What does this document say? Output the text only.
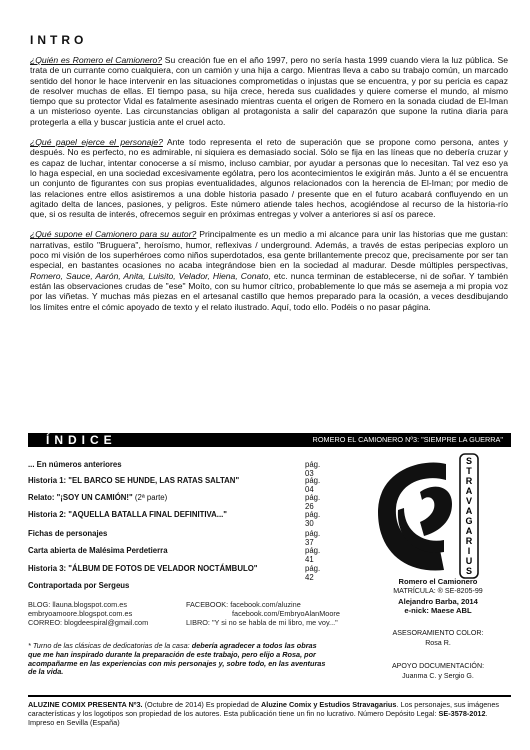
INTRO

¿Quién es Romero el Camionero? Su creación fue en el año 1997, pero no sería hasta 1999 cuando viera la luz pública. Se trata de un currante como cualquiera, con un camión y una hija a cargo. Mientras lleva a cabo su trabajo común, un marcado sentido del honor le hace intervenir en las situaciones comprometidas o injustas que se encuentra, y por su pericia es capaz de resolver muchas de ellas. El tiempo pasa, su hija crece, hereda sus cualidades y quiere comerse el mundo, al mismo tiempo que su protector Vidal es fatalmente asesinado mientras cuenta el origen de Romero en la sonada ciudad de El-Iman a un misterioso oyente. Las circunstancias obligan al protagonista a salir del caparazón que supone la rutina diaria para protegerla a ella y buscar justicia ante el cruel acto.

¿Qué papel ejerce el personaje? Ante todo representa el reto de superación que se propone como persona, antes y después. No es perfecto, no es admirable, ni siquiera es demasiado social. Sólo se fija en las líneas que no debería cruzar y es capaz de luchar, intentar conocerse a sí mismo, incluso cambiar, por ayudar a personas que lo necesitan. Tal vez eso ya lo haga especial, en una sociedad excesivamente ególatra, pero los acontecimientos le exigirán más. Junto a él se encuentra un conjunto de figurantes con sus propias eventualidades, algunos relacionados con la herencia de El-Iman; por medio de las relaciones entre ellos asistiremos a una doble historia pasado / presente que en el futuro acabará confluyendo en un agitado delta de lances, pasiones, y peligros. Este número atiende tales hechos, acogiéndose al recurso de la historia-río que, si os resulta de interés, ofrecemos seguir en próximas entregas y volver a anteriores si así os parece.

¿Qué supone el Camionero para su autor? Principalmente es un medio a mi alcance para unir las historias que me gustan: narrativas, estilo "Bruguera", heroísmo, humor, reflexivas / underground. Además, a través de estas peripecias exploro un poco mi visión de los superhéroes como niños superdotados, esa gente brillantemente precoz que, precisamente por ser tan especial, en bastantes ocasiones no acaba integrándose bien en la sociedad al madurar. Desde múltiples perspectivas, Romero, Sauce, Aarón, Anita, Luisito, Velador, Hiena, Conato, etc. nunca terminan de establecerse, ni de soñar. Y también están las observaciones crudas de "ese" Moíto, con su humor cítrico, probablemente lo que más se asemeja a mi propia voz por las viñetas. Y muchas más piezas en el artesanal castillo que hemos preparado para la ocasión, a veces desdibujando los límites entre el cómic apoyado de texto y el relato ilustrado. Aquí, todo ello. Podéis o no pasar página.

ÍNDICE	ROMERO EL CAMIONERO Nº3: "SIEMPRE LA GUERRA"
... En números anteriores	pág. 03
Historia 1: "EL BARCO SE HUNDE, LAS RATAS SALTAN"	pág. 04
Relato: "¡SOY UN CAMIÓN!" (2ª parte)	pág. 26
Historia 2: "AQUELLA BATALLA FINAL DEFINITIVA..."	pág. 30
Fichas de personajes	pág. 37
Carta abierta de Malésima Perdetierra	pág. 41
Historia 3: "ÁLBUM DE FOTOS DE VELADOR NOCTÁMBULO"	pág. 42
Contraportada por Sergeus
BLOG: llauna.blogspot.com.es
embryoamoore.blogspot.com.es
CORREO: blogdeespiral@gmail.com
FACEBOOK: facebook.com/aluzine
facebook.com/EmbryoAlanMoore
LIBRO: "Y si no se habla de mi libro, me voy..."
* Turno de las clásicas de dedicatorias de la casa: debería agradecer a todos las obras que me han inspirado durante la preparación de este trabajo, pero elijo a Rosa, por acompañarme en las experiencias con mis personajes y, sobre todo, en las aventuras de la vida.
S
T
R
A
V
A
G
A
R
I
U
S
Romero el Camionero
MATRÍCULA: ® SE-8205-99
Alejandro Barba, 2014
e-nick: Maese ABL
ASESORAMIENTO COLOR:
Rosa R.
APOYO DOCUMENTACIÓN:
Juanma C. y Sergio G.
ALUZINE COMIX PRESENTA Nº3. (Octubre de 2014) Es propiedad de Aluzine Comix y Estudios Stravagarius. Los personajes, sus imágenes características y los logotipos son propiedad de los autores. Esta publicación tiene un fin no lucrativo. Número Depósito Legal: SE-3578-2012. Impreso en Sevilla (España)
